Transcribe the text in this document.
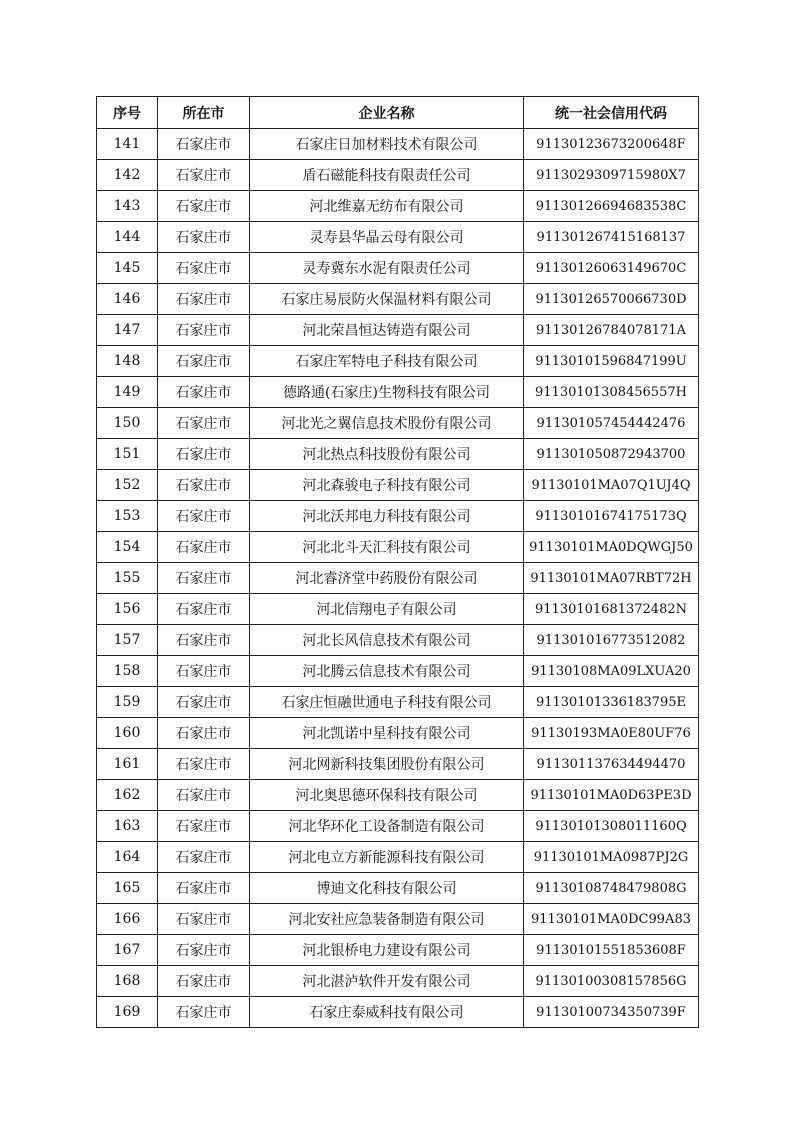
序号	所在市	企业名称	统一社会信用代码
141	石家庄市	石家庄日加材料技术有限公司	91130123673200648F
142	石家庄市	盾石磁能科技有限责任公司	9113029309715980X7
143	石家庄市	河北维嘉无纺布有限公司	91130126694683538C
144	石家庄市	灵寿县华晶云母有限公司	911301267415168137
145	石家庄市	灵寿冀东水泥有限责任公司	91130126063149670C
146	石家庄市	石家庄易辰防火保温材料有限公司	91130126570066730D
147	石家庄市	河北荣昌恒达铸造有限公司	91130126784078171A
148	石家庄市	石家庄军特电子科技有限公司	91130101596847199U
149	石家庄市	德路通(石家庄)生物科技有限公司	91130101308456557H
150	石家庄市	河北光之翼信息技术股份有限公司	911301057454442476
151	石家庄市	河北热点科技股份有限公司	911301050872943700
152	石家庄市	河北森骏电子科技有限公司	91130101MA07Q1UJ4Q
153	石家庄市	河北沃邦电力科技有限公司	91130101674175173Q
154	石家庄市	河北北斗天汇科技有限公司	91130101MA0DQWGJ50
155	石家庄市	河北睿济堂中药股份有限公司	91130101MA07RBT72H
156	石家庄市	河北信翔电子有限公司	91130101681372482N
157	石家庄市	河北长风信息技术有限公司	911301016773512082
158	石家庄市	河北腾云信息技术有限公司	91130108MA09LXUA20
159	石家庄市	石家庄恒融世通电子科技有限公司	91130101336183795E
160	石家庄市	河北凯诺中星科技有限公司	91130193MA0E80UF76
161	石家庄市	河北网新科技集团股份有限公司	911301137634494470
162	石家庄市	河北奥思德环保科技有限公司	91130101MA0D63PE3D
163	石家庄市	河北华环化工设备制造有限公司	91130101308011160Q
164	石家庄市	河北电立方新能源科技有限公司	91130101MA0987PJ2G
165	石家庄市	博迪文化科技有限公司	91130108748479808G
166	石家庄市	河北安社应急装备制造有限公司	91130101MA0DC99A83
167	石家庄市	河北银桥电力建设有限公司	91130101551853608F
168	石家庄市	河北湛泸软件开发有限公司	91130100308157856G
169	石家庄市	石家庄泰威科技有限公司	91130100734350739F
